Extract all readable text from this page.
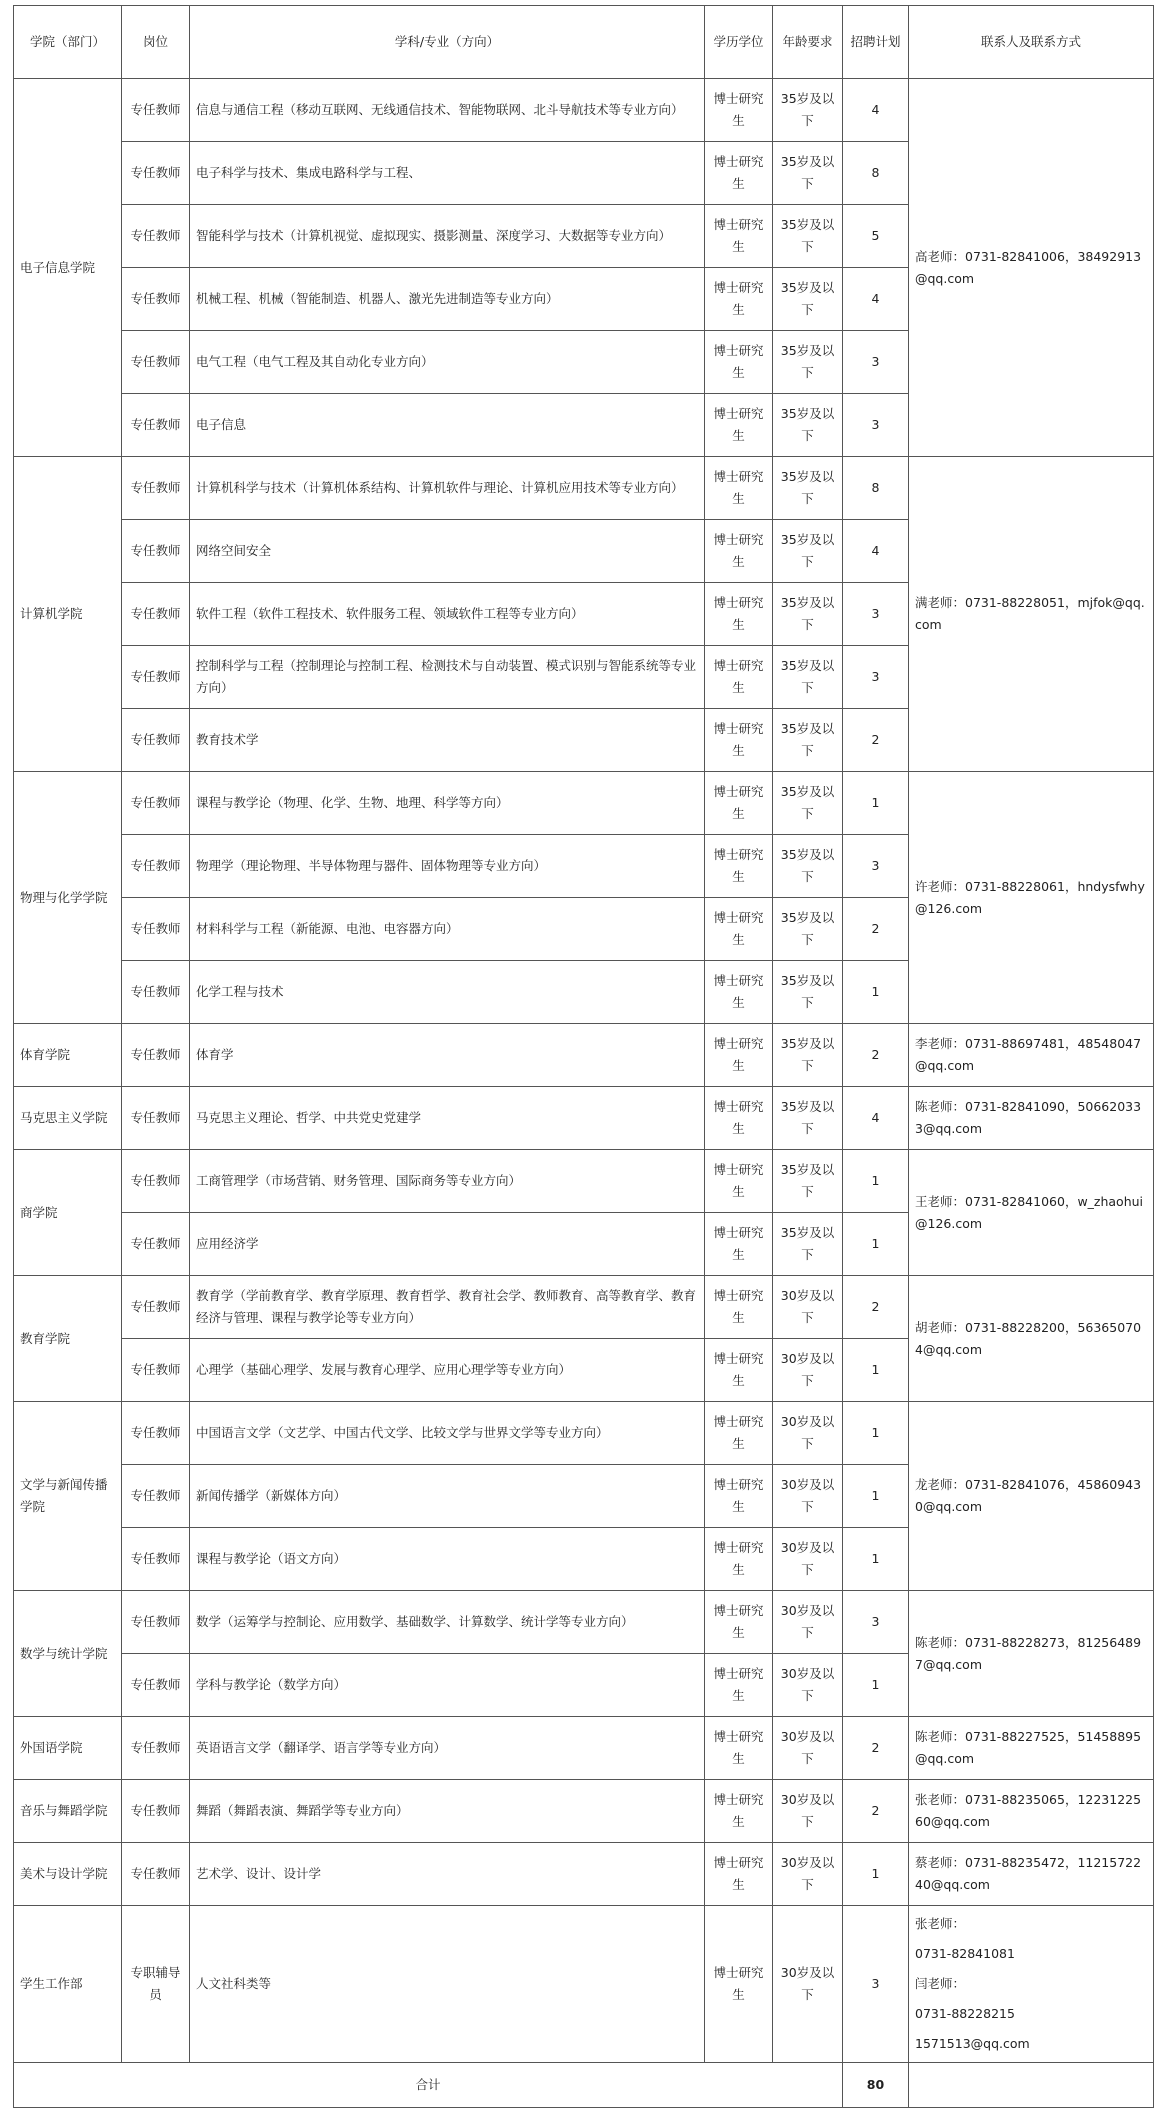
学院（部门）	岗位	学科/专业（方向）	学历学位	年龄要求	招聘计划	联系人及联系方式
电子信息学院	专任教师	信息与通信工程（移动互联网、无线通信技术、智能物联网、北斗导航技术等专业方向）	博士研究生	35岁及以下	4	高老师：0731-82841006，38492913@qq.com
	专任教师	电子科学与技术、集成电路科学与工程、	博士研究生	35岁及以下	8	
	专任教师	智能科学与技术（计算机视觉、虚拟现实、摄影测量、深度学习、大数据等专业方向）	博士研究生	35岁及以下	5	
	专任教师	机械工程、机械（智能制造、机器人、激光先进制造等专业方向）	博士研究生	35岁及以下	4	
	专任教师	电气工程（电气工程及其自动化专业方向）	博士研究生	35岁及以下	3	
	专任教师	电子信息	博士研究生	35岁及以下	3	
计算机学院	专任教师	计算机科学与技术（计算机体系结构、计算机软件与理论、计算机应用技术等专业方向）	博士研究生	35岁及以下	8	满老师：0731-88228051，mjfok@qq.com
	专任教师	网络空间安全	博士研究生	35岁及以下	4	
	专任教师	软件工程（软件工程技术、软件服务工程、领域软件工程等专业方向）	博士研究生	35岁及以下	3	
	专任教师	控制科学与工程（控制理论与控制工程、检测技术与自动装置、模式识别与智能系统等专业方向）	博士研究生	35岁及以下	3	
	专任教师	教育技术学	博士研究生	35岁及以下	2	
物理与化学学院	专任教师	课程与教学论（物理、化学、生物、地理、科学等方向）	博士研究生	35岁及以下	1	许老师：0731-88228061，hndysfwhy@126.com
	专任教师	物理学（理论物理、半导体物理与器件、固体物理等专业方向）	博士研究生	35岁及以下	3	
	专任教师	材料科学与工程（新能源、电池、电容器方向）	博士研究生	35岁及以下	2	
	专任教师	化学工程与技术	博士研究生	35岁及以下	1	
体育学院	专任教师	体育学	博士研究生	35岁及以下	2	李老师：0731-88697481，48548047@qq.com
马克思主义学院	专任教师	马克思主义理论、哲学、中共党史党建学	博士研究生	35岁及以下	4	陈老师：0731-82841090，506620333@qq.com
商学院	专任教师	工商管理学（市场营销、财务管理、国际商务等专业方向）	博士研究生	35岁及以下	1	王老师：0731-82841060，w_zhaohui@126.com
	专任教师	应用经济学	博士研究生	35岁及以下	1	
教育学院	专任教师	教育学（学前教育学、教育学原理、教育哲学、教育社会学、教师教育、高等教育学、教育经济与管理、课程与教学论等专业方向）	博士研究生	30岁及以下	2	胡老师：0731-88228200，563650704@qq.com
	专任教师	心理学（基础心理学、发展与教育心理学、应用心理学等专业方向）	博士研究生	30岁及以下	1	
文学与新闻传播学院	专任教师	中国语言文学（文艺学、中国古代文学、比较文学与世界文学等专业方向）	博士研究生	30岁及以下	1	龙老师：0731-82841076，458609430@qq.com
	专任教师	新闻传播学（新媒体方向）	博士研究生	30岁及以下	1	
	专任教师	课程与教学论（语文方向）	博士研究生	30岁及以下	1	
数学与统计学院	专任教师	数学（运筹学与控制论、应用数学、基础数学、计算数学、统计学等专业方向）	博士研究生	30岁及以下	3	陈老师：0731-88228273，812564897@qq.com
	专任教师	学科与教学论（数学方向）	博士研究生	30岁及以下	1	
外国语学院	专任教师	英语语言文学（翻译学、语言学等专业方向）	博士研究生	30岁及以下	2	陈老师：0731-88227525，51458895@qq.com
音乐与舞蹈学院	专任教师	舞蹈（舞蹈表演、舞蹈学等专业方向）	博士研究生	30岁及以下	2	张老师：0731-88235065，1223122560@qq.com
美术与设计学院	专任教师	艺术学、设计、设计学	博士研究生	30岁及以下	1	蔡老师：0731-88235472，1121572240@qq.com
学生工作部	专职辅导员	人文社科类等	博士研究生	30岁及以下	3	张老师：
0731-82841081
闫老师：
0731-88228215
1571513@qq.com

合计					80	
